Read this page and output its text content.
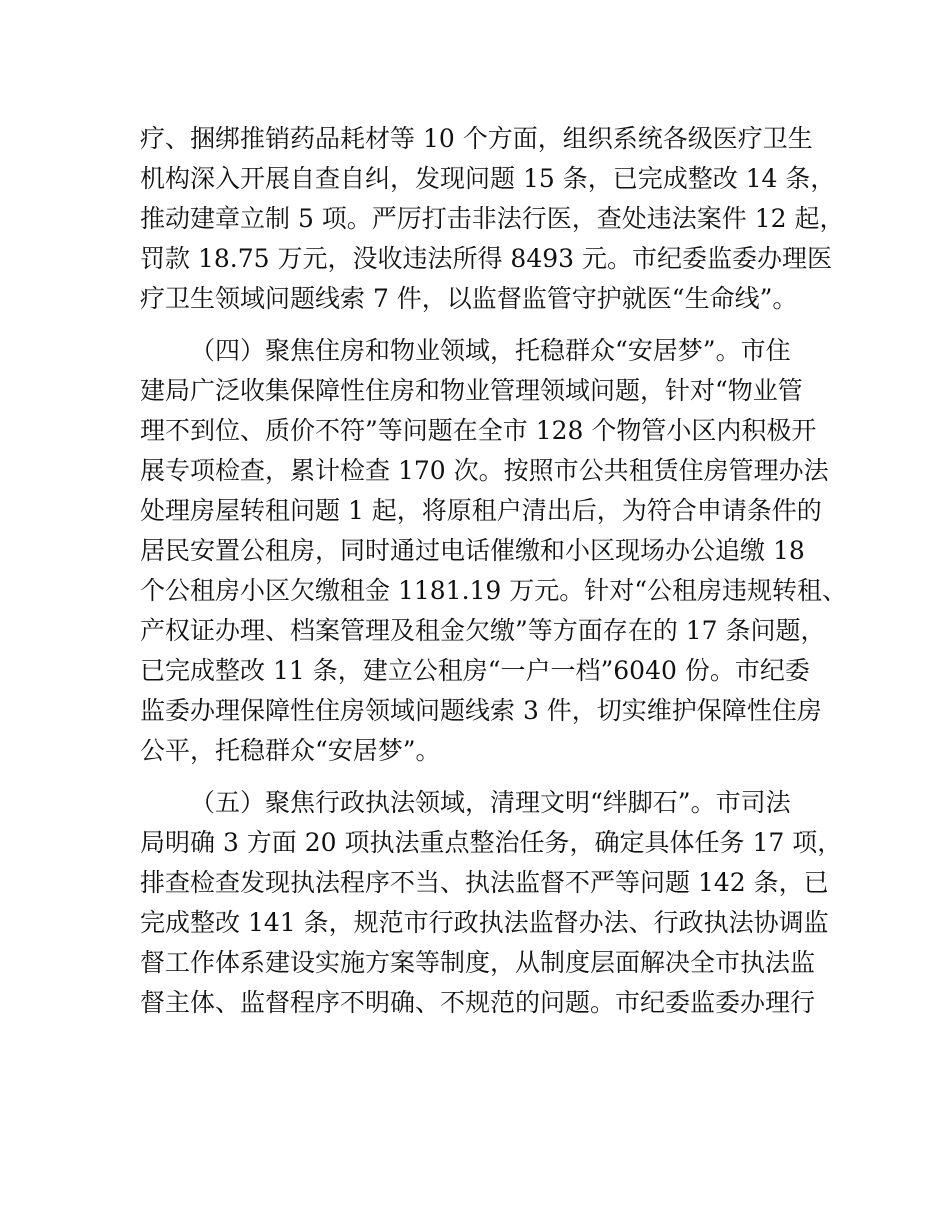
疗、捆绑推销药品耗材等 10 个方面，组织系统各级医疗卫生
机构深入开展自查自纠，发现问题 15 条，已完成整改 14 条，
推动建章立制 5 项。严厉打击非法行医，查处违法案件 12 起，
罚款 18.75 万元，没收违法所得 8493 元。市纪委监委办理医
疗卫生领域问题线索 7 件，以监督监管守护就医“生命线”。
（四）聚焦住房和物业领域，托稳群众“安居梦”。市住
建局广泛收集保障性住房和物业管理领域问题，针对“物业管
理不到位、质价不符”等问题在全市 128 个物管小区内积极开
展专项检查，累计检查 170 次。按照市公共租赁住房管理办法
处理房屋转租问题 1 起，将原租户清出后，为符合申请条件的
居民安置公租房，同时通过电话催缴和小区现场办公追缴 18
个公租房小区欠缴租金 1181.19 万元。针对“公租房违规转租、
产权证办理、档案管理及租金欠缴”等方面存在的 17 条问题，
已完成整改 11 条，建立公租房“一户一档”6040 份。市纪委
监委办理保障性住房领域问题线索 3 件，切实维护保障性住房
公平，托稳群众“安居梦”。
（五）聚焦行政执法领域，清理文明“绊脚石”。市司法
局明确 3 方面 20 项执法重点整治任务，确定具体任务 17 项，
排查检查发现执法程序不当、执法监督不严等问题 142 条，已
完成整改 141 条，规范市行政执法监督办法、行政执法协调监
督工作体系建设实施方案等制度，从制度层面解决全市执法监
督主体、监督程序不明确、不规范的问题。市纪委监委办理行
